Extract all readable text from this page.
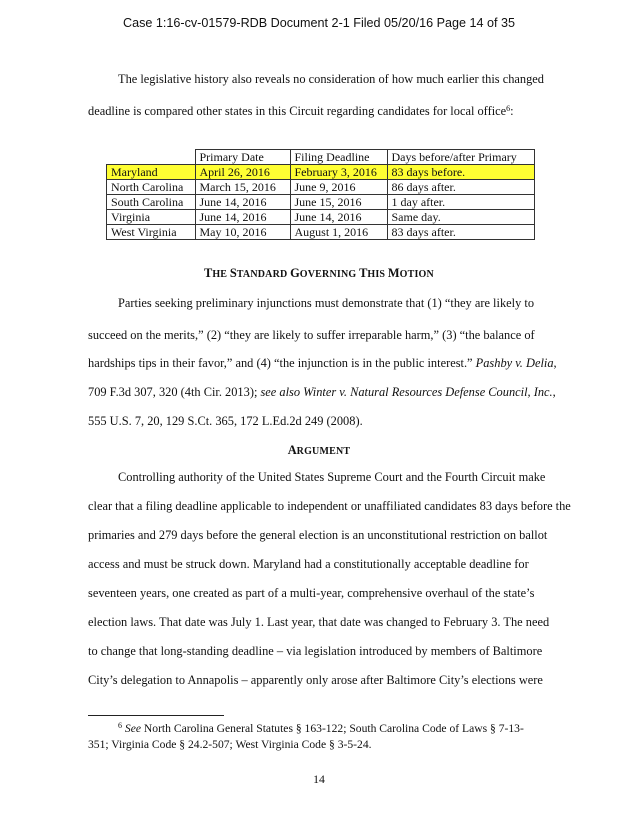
Case 1:16-cv-01579-RDB Document 2-1 Filed 05/20/16 Page 14 of 35
The legislative history also reveals no consideration of how much earlier this changed
deadline is compared other states in this Circuit regarding candidates for local office$^6$:
	Primary Date	Filing Deadline	Days before/after Primary
Maryland	April 26, 2016	February 3, 2016	83 days before.
North Carolina	March 15, 2016	June 9, 2016	86 days after.
South Carolina	June 14, 2016	June 15, 2016	1 day after.
Virginia	June 14, 2016	June 14, 2016	Same day.
West Virginia	May 10, 2016	August 1, 2016	83 days after.
THE STANDARD GOVERNING THIS MOTION
Parties seeking preliminary injunctions must demonstrate that (1) “they are likely to
succeed on the merits,” (2) “they are likely to suffer irreparable harm,” (3) “the balance of
hardships tips in their favor,” and (4) “the injunction is in the public interest.” Pashby v. Delia,
709 F.3d 307, 320 (4th Cir. 2013); see also Winter v. Natural Resources Defense Council, Inc.,
555 U.S. 7, 20, 129 S.Ct. 365, 172 L.Ed.2d 249 (2008).
ARGUMENT
Controlling authority of the United States Supreme Court and the Fourth Circuit make
clear that a filing deadline applicable to independent or unaffiliated candidates 83 days before the
primaries and 279 days before the general election is an unconstitutional restriction on ballot
access and must be struck down. Maryland had a constitutionally acceptable deadline for
seventeen years, one created as part of a multi-year, comprehensive overhaul of the state’s
election laws. That date was July 1. Last year, that date was changed to February 3. The need
to change that long-standing deadline – via legislation introduced by members of Baltimore
City’s delegation to Annapolis – apparently only arose after Baltimore City’s elections were
$^6$ See North Carolina General Statutes § 163-122; South Carolina Code of Laws § 7-13-
351; Virginia Code § 24.2-507; West Virginia Code § 3-5-24.
14
